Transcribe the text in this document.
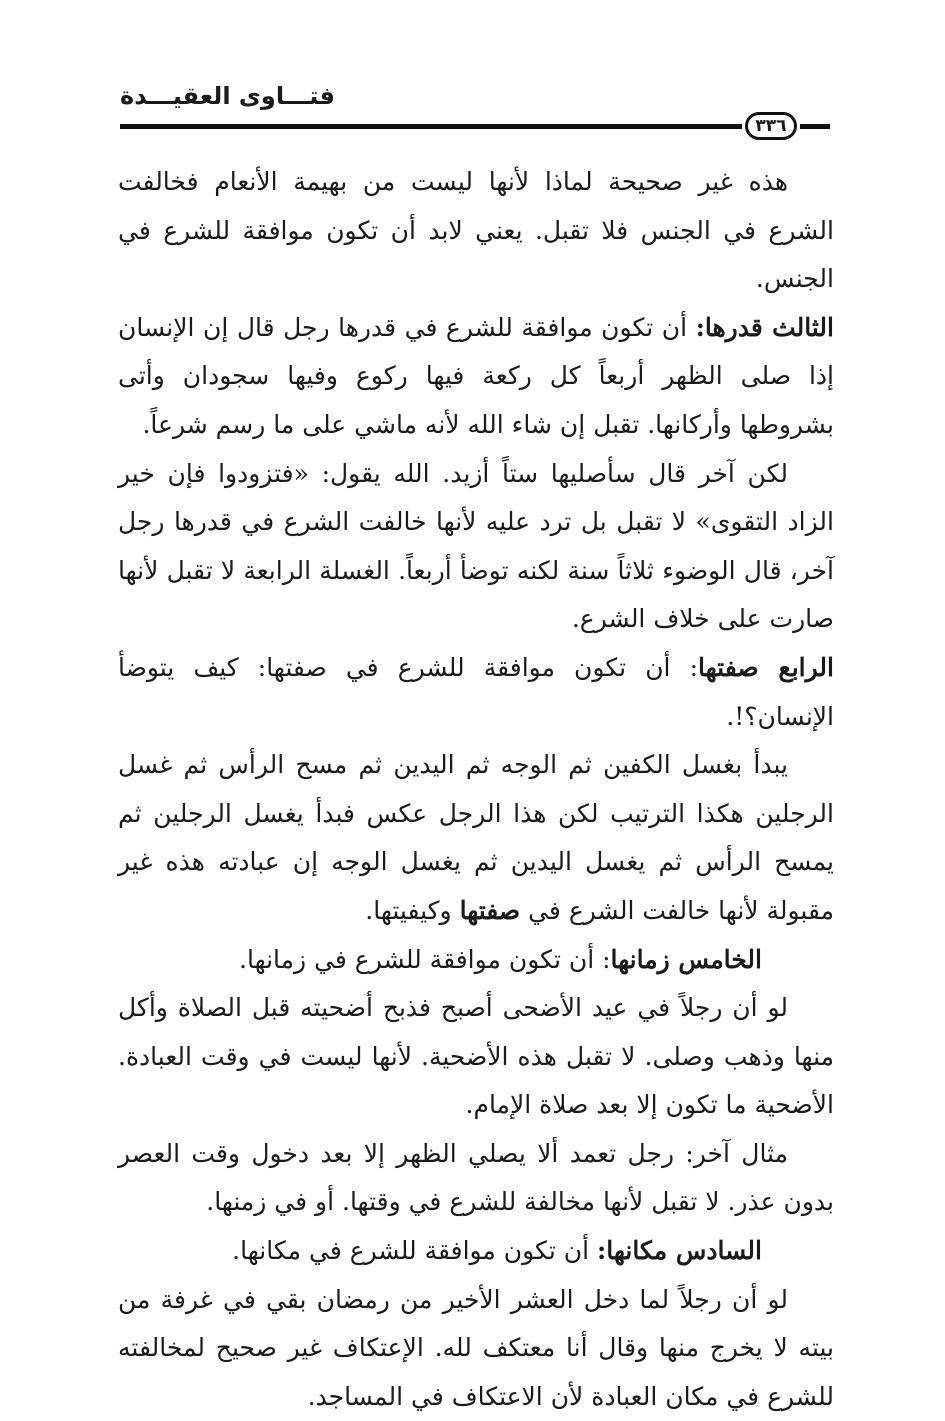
فتـــاوى العقيـــدة
٣٣٦

هذه غير صحيحة لماذا لأنها ليست من بهيمة الأنعام فخالفت الشرع في الجنس فلا تقبل. يعني لابد أن تكون موافقة للشرع في الجنس.

الثالث قدرها: أن تكون موافقة للشرع في قدرها رجل قال إن الإنسان إذا صلى الظهر أربعاً كل ركعة فيها ركوع وفيها سجودان وأتى بشروطها وأركانها. تقبل إن شاء الله لأنه ماشي على ما رسم شرعاً.

لكن آخر قال سأصليها ستاً أزيد. الله يقول: «فتزودوا فإن خير الزاد التقوى» لا تقبل بل ترد عليه لأنها خالفت الشرع في قدرها رجل آخر، قال الوضوء ثلاثاً سنة لكنه توضأ أربعاً. الغسلة الرابعة لا تقبل لأنها صارت على خلاف الشرع.

الرابع صفتها: أن تكون موافقة للشرع في صفتها: كيف يتوضأ الإنسان؟!.

يبدأ بغسل الكفين ثم الوجه ثم اليدين ثم مسح الرأس ثم غسل الرجلين هكذا الترتيب لكن هذا الرجل عكس فبدأ يغسل الرجلين ثم يمسح الرأس ثم يغسل اليدين ثم يغسل الوجه إن عبادته هذه غير مقبولة لأنها خالفت الشرع في صفتها وكيفيتها.

الخامس زمانها: أن تكون موافقة للشرع في زمانها.

لو أن رجلاً في عيد الأضحى أصبح فذبح أضحيته قبل الصلاة وأكل منها وذهب وصلى. لا تقبل هذه الأضحية. لأنها ليست في وقت العبادة. الأضحية ما تكون إلا بعد صلاة الإمام.

مثال آخر: رجل تعمد ألا يصلي الظهر إلا بعد دخول وقت العصر بدون عذر. لا تقبل لأنها مخالفة للشرع في وقتها. أو في زمنها.

السادس مكانها: أن تكون موافقة للشرع في مكانها.

لو أن رجلاً لما دخل العشر الأخير من رمضان بقي في غرفة من بيته لا يخرج منها وقال أنا معتكف لله. الإعتكاف غير صحيح لمخالفته للشرع في مكان العبادة لأن الاعتكاف في المساجد.
